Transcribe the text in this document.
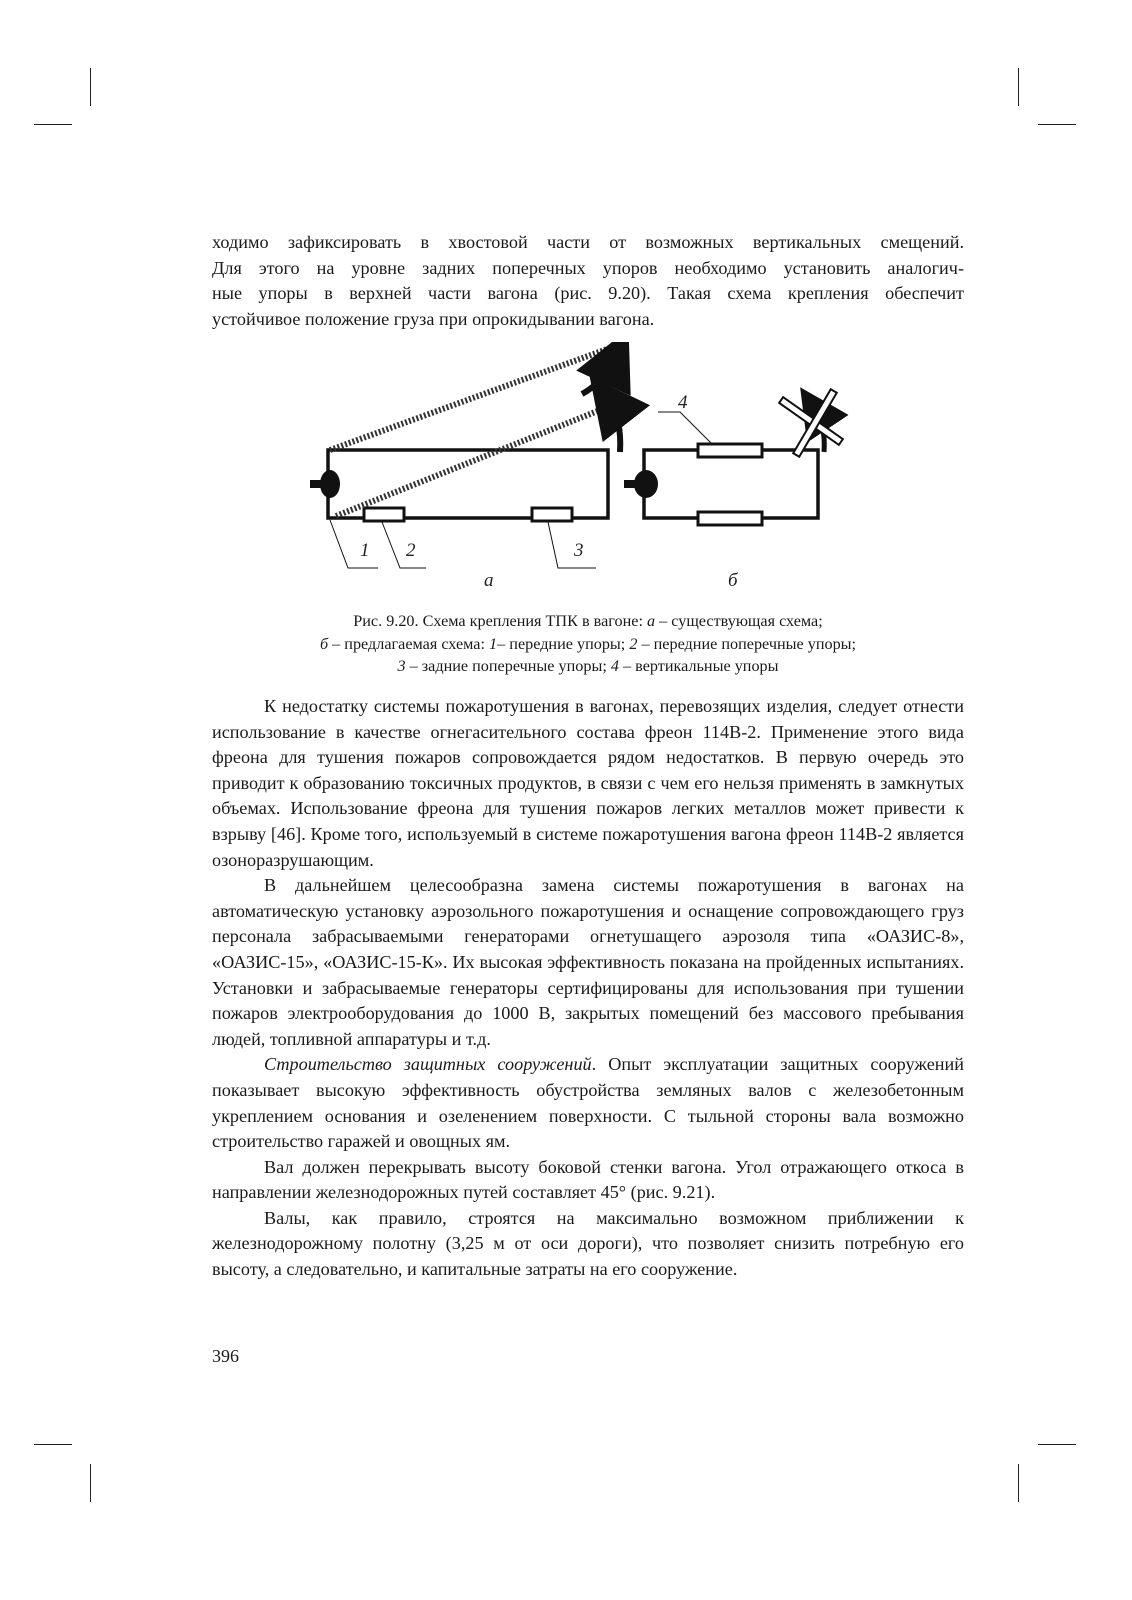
ходимо зафиксировать в хвостовой части от возможных вертикальных смещений.
Для этого на уровне задних поперечных упоров необходимо установить аналогич-
ные упоры в верхней части вагона (рис. 9.20). Такая схема крепления обеспечит
устойчивое положение груза при опрокидывании вагона.
1 2	3
4
а	б
Рис. 9.20. Схема крепления ТПК в вагоне: а – существующая схема;
б – предлагаемая схема: 1– передние упоры; 2 – передние поперечные упоры;
3 – задние поперечные упоры; 4 – вертикальные упоры

К недостатку системы пожаротушения в вагонах, перевозящих изделия, следует отнести использование в качестве огнегасительного состава фреон 114В-2. Применение этого вида фреона для тушения пожаров сопровождается рядом недостатков. В первую очередь это приводит к образованию токсичных продуктов, в связи с чем его нельзя применять в замкнутых объемах. Использование фреона для тушения пожаров легких металлов может привести к взрыву [46]. Кроме того, используемый в системе пожаротушения вагона фреон 114В-2 является озоноразрушающим.

В дальнейшем целесообразна замена системы пожаротушения в вагонах на автоматическую установку аэрозольного пожаротушения и оснащение сопровождающего груз персонала забрасываемыми генераторами огнетушащего аэрозоля типа «ОАЗИС-8», «ОАЗИС-15», «ОАЗИС-15-К». Их высокая эффективность показана на пройденных испытаниях. Установки и забрасываемые генераторы сертифицированы для использования при тушении пожаров электрооборудования до 1000 В, закрытых помещений без массового пребывания людей, топливной аппаратуры и т.д.

Строительство защитных сооружений. Опыт эксплуатации защитных сооружений показывает высокую эффективность обустройства земляных валов с железобетонным укреплением основания и озеленением поверхности. С тыльной стороны вала возможно строительство гаражей и овощных ям.

Вал должен перекрывать высоту боковой стенки вагона. Угол отражающего откоса в направлении железнодорожных путей составляет 45° (рис. 9.21).

Валы, как правило, строятся на максимально возможном приближении к железнодорожному полотну (3,25 м от оси дороги), что позволяет снизить потребную его высоту, а следовательно, и капитальные затраты на его сооружение.

396
